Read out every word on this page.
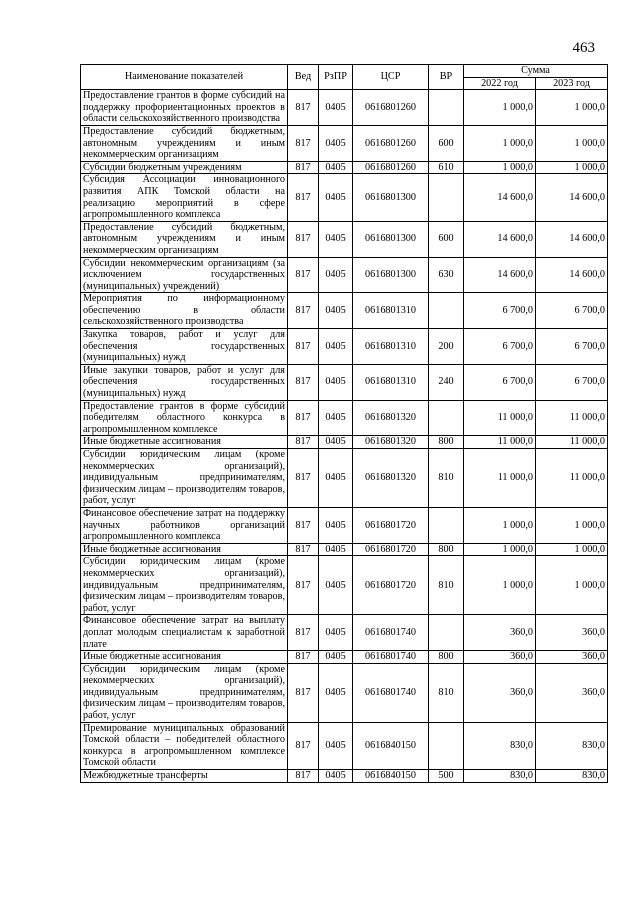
463
Наименование показателей	Вед	РзПР	ЦСР	ВР	Сумма	
					2022 год	2023 год
Предоставление грантов в форме субсидий на поддержку профориентационных проектов в области сельскохозяйственного производства	817	0405	0616801260		1 000,0	1 000,0
Предоставление субсидий бюджетным, автономным учреждениям и иным некоммерческим организациям	817	0405	0616801260	600	1 000,0	1 000,0
Субсидии бюджетным учреждениям	817	0405	0616801260	610	1 000,0	1 000,0
Субсидия Ассоциации инновационного развития АПК Томской области на реализацию мероприятий в сфере агропромышленного комплекса	817	0405	0616801300		14 600,0	14 600,0
Предоставление субсидий бюджетным, автономным учреждениям и иным некоммерческим организациям	817	0405	0616801300	600	14 600,0	14 600,0
Субсидии некоммерческим организациям (за исключением государственных (муниципальных) учреждений)	817	0405	0616801300	630	14 600,0	14 600,0
Мероприятия по информационному обеспечению в области сельскохозяйственного производства	817	0405	0616801310		6 700,0	6 700,0
Закупка товаров, работ и услуг для обеспечения государственных (муниципальных) нужд	817	0405	0616801310	200	6 700,0	6 700,0
Иные закупки товаров, работ и услуг для обеспечения государственных (муниципальных) нужд	817	0405	0616801310	240	6 700,0	6 700,0
Предоставление грантов в форме субсидий победителям областного конкурса в агропромышленном комплексе	817	0405	0616801320		11 000,0	11 000,0
Иные бюджетные ассигнования	817	0405	0616801320	800	11 000,0	11 000,0
Субсидии юридическим лицам (кроме некоммерческих организаций), индивидуальным предпринимателям, физическим лицам – производителям товаров, работ, услуг	817	0405	0616801320	810	11 000,0	11 000,0
Финансовое обеспечение затрат на поддержку научных работников организаций агропромышленного комплекса	817	0405	0616801720		1 000,0	1 000,0
Иные бюджетные ассигнования	817	0405	0616801720	800	1 000,0	1 000,0
Субсидии юридическим лицам (кроме некоммерческих организаций), индивидуальным предпринимателям, физическим лицам – производителям товаров, работ, услуг	817	0405	0616801720	810	1 000,0	1 000,0
Финансовое обеспечение затрат на выплату доплат молодым специалистам к заработной плате	817	0405	0616801740		360,0	360,0
Иные бюджетные ассигнования	817	0405	0616801740	800	360,0	360,0
Субсидии юридическим лицам (кроме некоммерческих организаций), индивидуальным предпринимателям, физическим лицам – производителям товаров, работ, услуг	817	0405	0616801740	810	360,0	360,0
Премирование муниципальных образований Томской области – победителей областного конкурса в агропромышленном комплексе Томской области	817	0405	0616840150		830,0	830,0
Межбюджетные трансферты	817	0405	0616840150	500	830,0	830,0
